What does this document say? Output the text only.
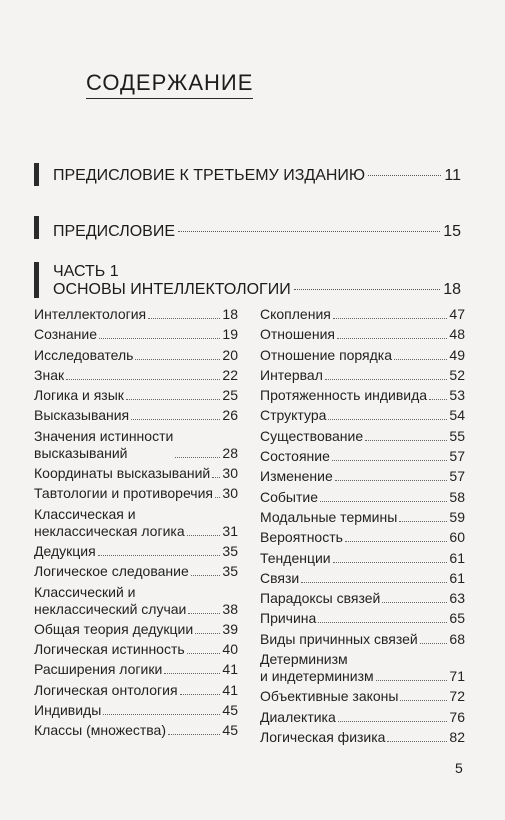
СОДЕРЖАНИЕ
ПРЕДИСЛОВИЕ К ТРЕТЬЕМУ ИЗДАНИЮ	11
ПРЕДИСЛОВИЕ	15
ЧАСТЬ 1
ОСНОВЫ ИНТЕЛЛЕКТОЛОГИИ	18
Интеллектология	18
Сознание	19
Исследователь	20
Знак	22
Логика и язык	25
Высказывания	26
Значения истинности
высказываний	28
Координаты высказываний 30
Тавтологии и противоречия 30
Классическая и
неклассическая логика	31
Дедукция	35
Логическое следование 35
Классический и
неклассический случаи	38
Общая теория дедукции 39
Логическая истинность	40
Расширения логики	41
Логическая онтология	41
Индивиды	45
Классы (множества)	45
Скопления	47
Отношения	48
Отношение порядка	49
Интервал	52
Протяженность индивида 53
Структура	54
Существование	55
Состояние	57
Изменение	57
Событие	58
Модальные термины	59
Вероятность	60
Тенденции	61
Связи	61
Парадоксы связей	63
Причина	65
Виды причинных связей 68
Детерминизм
и индетерминизм	71
Объективные законы	72
Диалектика	76
Логическая физика	82
5
